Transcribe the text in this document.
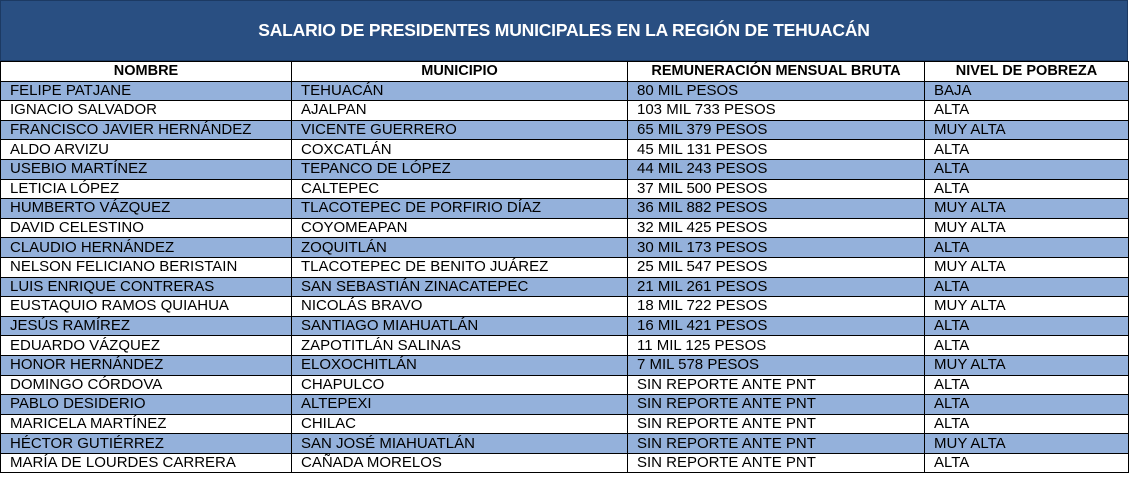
SALARIO DE PRESIDENTES MUNICIPALES EN LA REGIÓN DE TEHUACÁN
NOMBRE	MUNICIPIO	REMUNERACIÓN MENSUAL BRUTA	NIVEL DE POBREZA
FELIPE PATJANE	TEHUACÁN	80 MIL PESOS	BAJA
IGNACIO SALVADOR	AJALPAN	103 MIL 733 PESOS	ALTA
FRANCISCO JAVIER HERNÁNDEZ	VICENTE GUERRERO	65 MIL 379 PESOS	MUY ALTA
ALDO ARVIZU	COXCATLÁN	45 MIL 131 PESOS	ALTA
USEBIO MARTÍNEZ	TEPANCO DE LÓPEZ	44 MIL 243 PESOS	ALTA
LETICIA LÓPEZ	CALTEPEC	37 MIL 500 PESOS	ALTA
HUMBERTO VÁZQUEZ	TLACOTEPEC DE PORFIRIO DÍAZ	36 MIL 882 PESOS	MUY ALTA
DAVID CELESTINO	COYOMEAPAN	32 MIL 425 PESOS	MUY ALTA
CLAUDIO HERNÁNDEZ	ZOQUITLÁN	30 MIL 173 PESOS	ALTA
NELSON FELICIANO BERISTAIN	TLACOTEPEC DE BENITO JUÁREZ	25 MIL 547 PESOS	MUY ALTA
LUIS ENRIQUE CONTRERAS	SAN SEBASTIÁN ZINACATEPEC	21 MIL 261 PESOS	ALTA
EUSTAQUIO RAMOS QUIAHUA	NICOLÁS BRAVO	18 MIL 722 PESOS	MUY ALTA
JESÚS RAMÍREZ	SANTIAGO MIAHUATLÁN	16 MIL 421 PESOS	ALTA
EDUARDO VÁZQUEZ	ZAPOTITLÁN SALINAS	11 MIL 125 PESOS	ALTA
HONOR HERNÁNDEZ	ELOXOCHITLÁN	7 MIL 578 PESOS	MUY ALTA
DOMINGO CÓRDOVA	CHAPULCO	SIN REPORTE ANTE PNT	ALTA
PABLO DESIDERIO	ALTEPEXI	SIN REPORTE ANTE PNT	ALTA
MARICELA MARTÍNEZ	CHILAC	SIN REPORTE ANTE PNT	ALTA
HÉCTOR GUTIÉRREZ	SAN JOSÉ MIAHUATLÁN	SIN REPORTE ANTE PNT	MUY ALTA
MARÍA DE LOURDES CARRERA	CAÑADA MORELOS	SIN REPORTE ANTE PNT	ALTA
